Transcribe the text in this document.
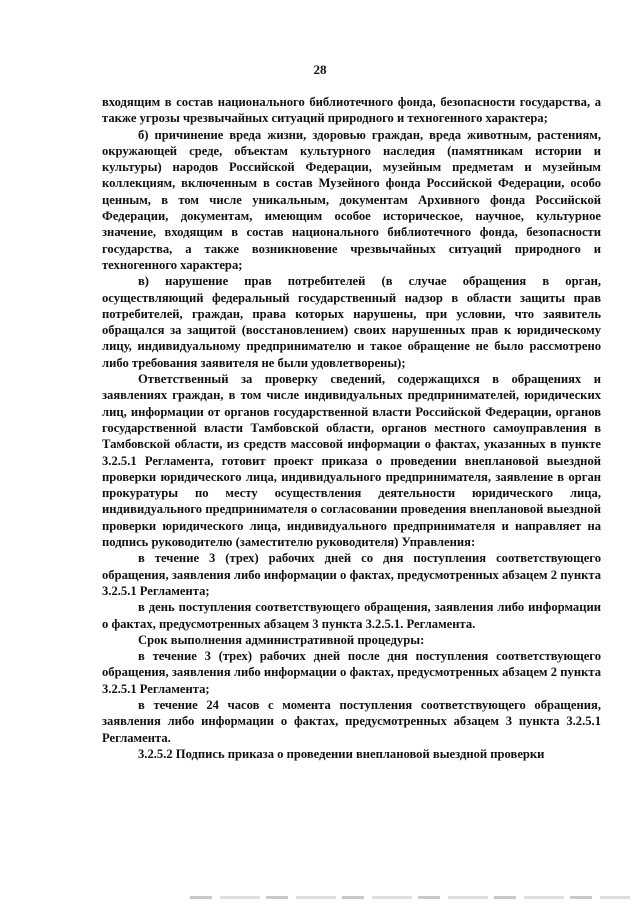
28

входящим в состав национального библиотечного фонда, безопасности государства, а также угрозы чрезвычайных ситуаций природного и техногенного характера;

б) причинение вреда жизни, здоровью граждан, вреда животным, растениям, окружающей среде, объектам культурного наследия (памятникам истории и культуры) народов Российской Федерации, музейным предметам и музейным коллекциям, включенным в состав Музейного фонда Российской Федерации, особо ценным, в том числе уникальным, документам Архивного фонда Российской Федерации, документам, имеющим особое историческое, научное, культурное значение, входящим в состав национального библиотечного фонда, безопасности государства, а также возникновение чрезвычайных ситуаций природного и техногенного характера;

в) нарушение прав потребителей (в случае обращения в орган, осуществляющий федеральный государственный надзор в области защиты прав потребителей, граждан, права которых нарушены, при условии, что заявитель обращался за защитой (восстановлением) своих нарушенных прав к юридическому лицу, индивидуальному предпринимателю и такое обращение не было рассмотрено либо требования заявителя не были удовлетворены);

Ответственный за проверку сведений, содержащихся в обращениях и заявлениях граждан, в том числе индивидуальных предпринимателей, юридических лиц, информации от органов государственной власти Российской Федерации, органов государственной власти Тамбовской области, органов местного самоуправления в Тамбовской области, из средств массовой информации о фактах, указанных в пункте 3.2.5.1 Регламента, готовит проект приказа о проведении внеплановой выездной проверки юридического лица, индивидуального предпринимателя, заявление в орган прокуратуры по месту осуществления деятельности юридического лица, индивидуального предпринимателя о согласовании проведения внеплановой выездной проверки юридического лица, индивидуального предпринимателя и направляет на подпись руководителю (заместителю руководителя) Управления:

в течение 3 (трех) рабочих дней со дня поступления соответствующего обращения, заявления либо информации о фактах, предусмотренных абзацем 2 пункта 3.2.5.1 Регламента;

в день поступления соответствующего обращения, заявления либо информации о фактах, предусмотренных абзацем 3 пункта 3.2.5.1. Регламента.

Срок выполнения административной процедуры:

в течение 3 (трех) рабочих дней после дня поступления соответствующего обращения, заявления либо информации о фактах, предусмотренных абзацем 2 пункта 3.2.5.1 Регламента;

в течение 24 часов с момента поступления соответствующего обращения, заявления либо информации о фактах, предусмотренных абзацем 3 пункта 3.2.5.1 Регламента.

3.2.5.2 Подпись приказа о проведении внеплановой выездной проверки
